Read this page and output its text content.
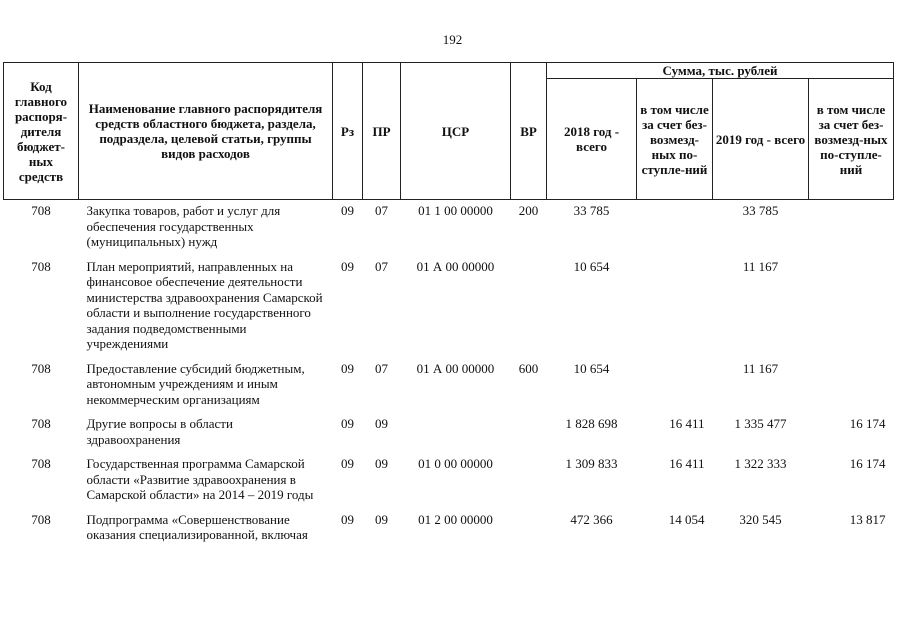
192
Код главного распоря-дителя бюджет-ных средств	Наименование главного распорядителя средств областного бюджета, раздела, подраздела, целевой статьи, группы видов расходов	Рз	ПР	ЦСР	ВР	Сумма, тыс. рублей			
						2018 год - всего	в том числе за счет без-возмезд-ных по-ступле-ний	2019 год - всего	в том числе за счет без-возмезд-ных по-ступле-ний
708	Закупка товаров, работ и услуг для обеспечения государственных (муниципальных) нужд	09	07	01 1 00 00000	200	33 785		33 785	
708	План мероприятий, направленных на финансовое обеспечение деятельности министерства здравоохранения Самарской области и выполнение государственного задания подведомственными учреждениями	09	07	01 А 00 00000		10 654		11 167	
708	Предоставление субсидий бюджетным, автономным учреждениям и иным некоммерческим организациям	09	07	01 А 00 00000	600	10 654		11 167	
708	Другие вопросы в области здравоохранения	09	09			1 828 698	16 411	1 335 477	16 174
708	Государственная программа Самарской области «Развитие здравоохранения в Самарской области» на 2014 – 2019 годы	09	09	01 0 00 00000		1 309 833	16 411	1 322 333	16 174
708	Подпрограмма «Совершенствование оказания специализированной, включая	09	09	01 2 00 00000		472 366	14 054	320 545	13 817
